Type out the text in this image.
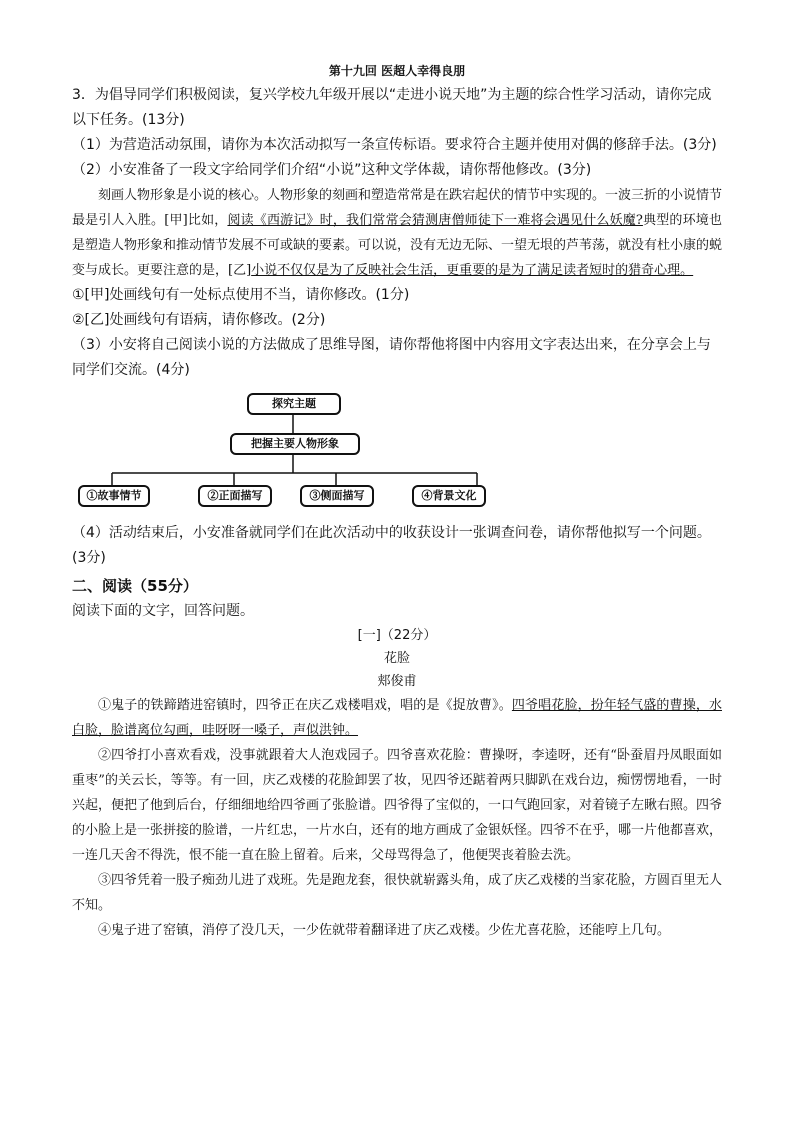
第十九回 医超人幸得良朋

3．为倡导同学们积极阅读，复兴学校九年级开展以“走进小说天地”为主题的综合性学习活动，请你完成以下任务。(13分)

（1）为营造活动氛围，请你为本次活动拟写一条宣传标语。要求符合主题并使用对偶的修辞手法。(3分)

（2）小安准备了一段文字给同学们介绍“小说”这种文学体裁，请你帮他修改。(3分)

刻画人物形象是小说的核心。人物形象的刻画和塑造常常是在跌宕起伏的情节中实现的。一波三折的小说情节最是引人入胜。[甲]比如，阅读《西游记》时，我们常常会猜测唐僧师徒下一难将会遇见什么妖魔?典型的环境也是塑造人物形象和推动情节发展不可或缺的要素。可以说，没有无边无际、一望无垠的芦苇荡，就没有杜小康的蜕变与成长。更要注意的是，[乙]小说不仅仅是为了反映社会生活，更重要的是为了满足读者短时的猎奇心理。

①[甲]处画线句有一处标点使用不当，请你修改。(1分)

②[乙]处画线句有语病，请你修改。(2分)

（3）小安将自己阅读小说的方法做成了思维导图，请你帮他将图中内容用文字表达出来，在分享会上与同学们交流。(4分)

探究主题
把握主要人物形象
①故事情节	②正面描写	③侧面描写	④背景文化

（4）活动结束后，小安准备就同学们在此次活动中的收获设计一张调查问卷，请你帮他拟写一个问题。(3分)

二、阅读（55分）

阅读下面的文字，回答问题。

[一]（22分）

花脸

郏俊甫

①鬼子的铁蹄踏进窑镇时，四爷正在庆乙戏楼唱戏，唱的是《捉放曹》。四爷唱花脸，扮年轻气盛的曹操，水白脸，脸谱离位勾画，哇呀呀一嗓子，声似洪钟。

②四爷打小喜欢看戏，没事就跟着大人泡戏园子。四爷喜欢花脸：曹操呀，李逵呀，还有“卧蚕眉丹凤眼面如重枣”的关云长，等等。有一回，庆乙戏楼的花脸卸罢了妆，见四爷还踮着两只脚趴在戏台边，痴愣愣地看，一时兴起，便把了他到后台，仔细细地给四爷画了张脸谱。四爷得了宝似的，一口气跑回家，对着镜子左瞅右照。四爷的小脸上是一张拼接的脸谱，一片红忠，一片水白，还有的地方画成了金银妖怪。四爷不在乎，哪一片他都喜欢，一连几天舍不得洗，恨不能一直在脸上留着。后来，父母骂得急了，他便哭丧着脸去洗。

③四爷凭着一股子痴劲儿进了戏班。先是跑龙套，很快就崭露头角，成了庆乙戏楼的当家花脸，方圆百里无人不知。

④鬼子进了窑镇，消停了没几天，一少佐就带着翻译进了庆乙戏楼。少佐尤喜花脸，还能哼上几句。
